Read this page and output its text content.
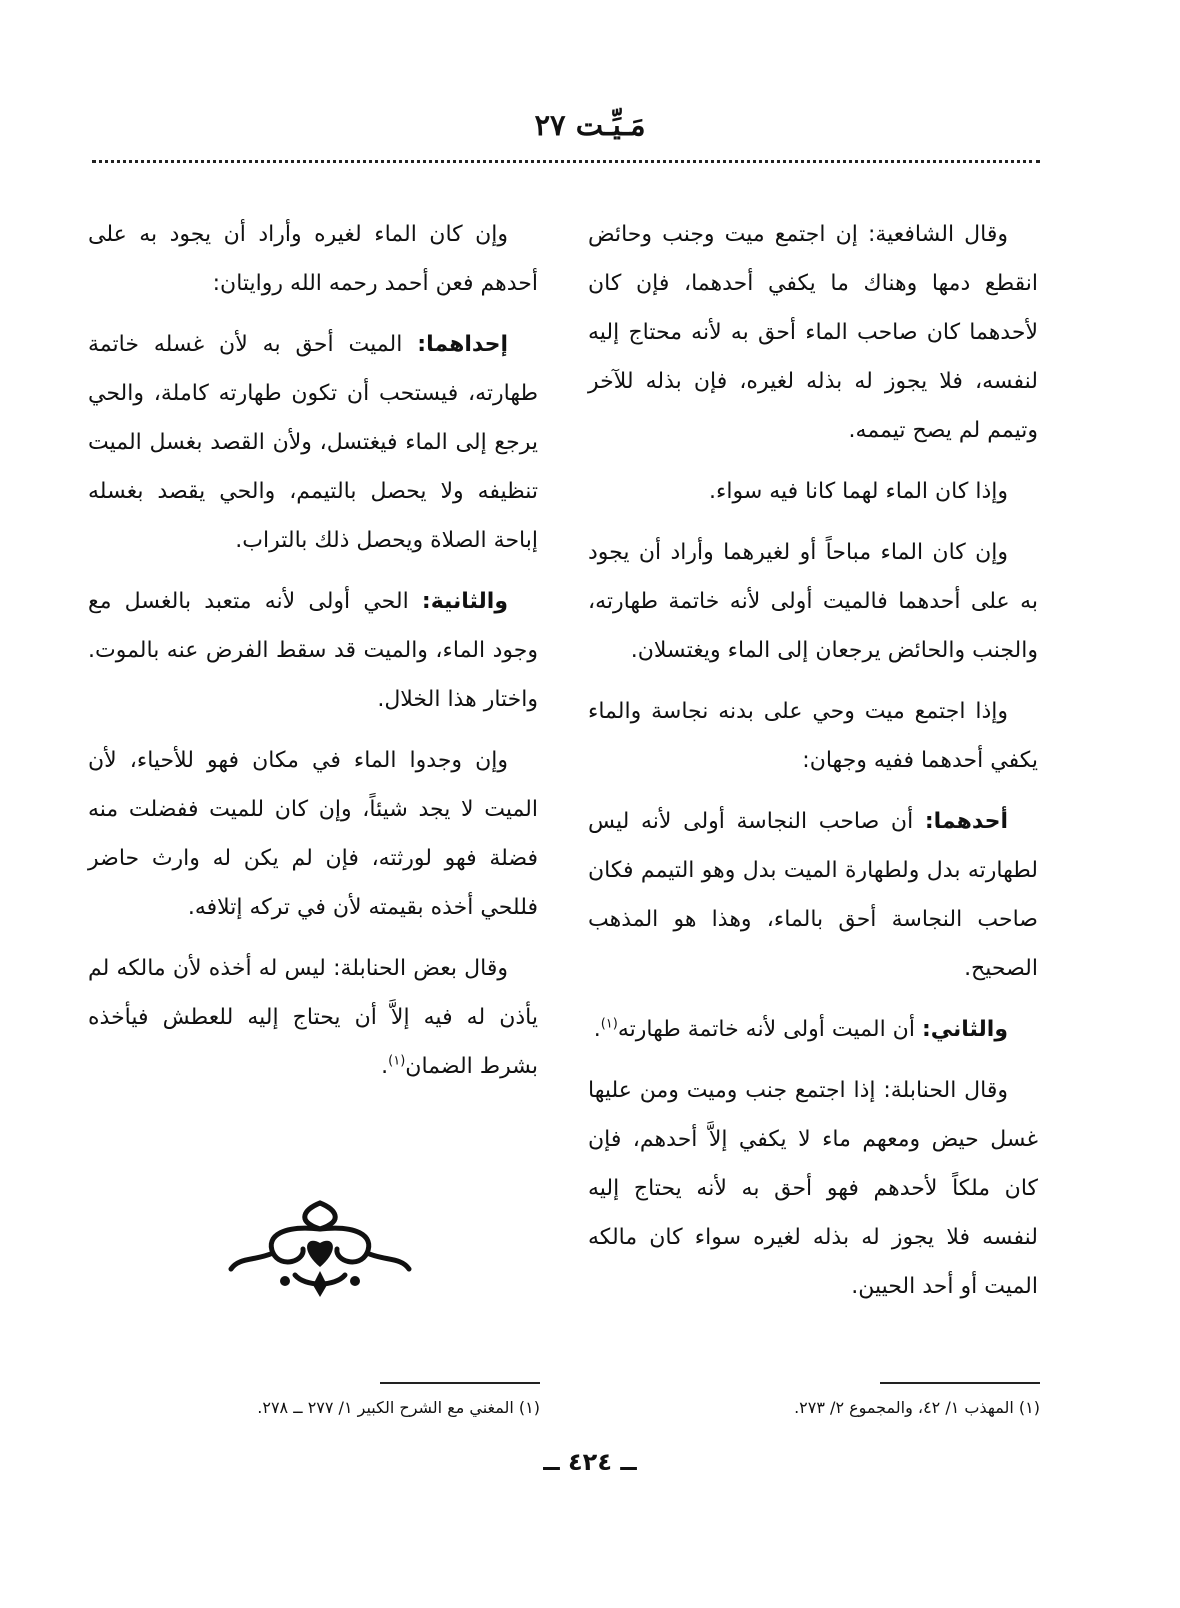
مَـيِّـت ٢٧

وقال الشافعية: إن اجتمع ميت وجنب وحائض انقطع دمها وهناك ما يكفي أحدهما، فإن كان لأحدهما كان صاحب الماء أحق به لأنه محتاج إليه لنفسه، فلا يجوز له بذله لغيره، فإن بذله للآخر وتيمم لم يصح تيممه.

وإذا كان الماء لهما كانا فيه سواء.

وإن كان الماء مباحاً أو لغيرهما وأراد أن يجود به على أحدهما فالميت أولى لأنه خاتمة طهارته، والجنب والحائض يرجعان إلى الماء ويغتسلان.

وإذا اجتمع ميت وحي على بدنه نجاسة والماء يكفي أحدهما ففيه وجهان:

أحدهما: أن صاحب النجاسة أولى لأنه ليس لطهارته بدل ولطهارة الميت بدل وهو التيمم فكان صاحب النجاسة أحق بالماء، وهذا هو المذهب الصحيح.

والثاني: أن الميت أولى لأنه خاتمة طهارته$^{(١)}$.

وقال الحنابلة: إذا اجتمع جنب وميت ومن عليها غسل حيض ومعهم ماء لا يكفي إلاَّ أحدهم، فإن كان ملكاً لأحدهم فهو أحق به لأنه يحتاج إليه لنفسه فلا يجوز له بذله لغيره سواء كان مالكه الميت أو أحد الحيين.

وإن كان الماء لغيره وأراد أن يجود به على أحدهم فعن أحمد رحمه الله روايتان:

إحداهما: الميت أحق به لأن غسله خاتمة طهارته، فيستحب أن تكون طهارته كاملة، والحي يرجع إلى الماء فيغتسل، ولأن القصد بغسل الميت تنظيفه ولا يحصل بالتيمم، والحي يقصد بغسله إباحة الصلاة ويحصل ذلك بالتراب.

والثانية: الحي أولى لأنه متعبد بالغسل مع وجود الماء، والميت قد سقط الفرض عنه بالموت. واختار هذا الخلال.

وإن وجدوا الماء في مكان فهو للأحياء، لأن الميت لا يجد شيئاً، وإن كان للميت ففضلت منه فضلة فهو لورثته، فإن لم يكن له وارث حاضر فللحي أخذه بقيمته لأن في تركه إتلافه.

وقال بعض الحنابلة: ليس له أخذه لأن مالكه لم يأذن له فيه إلاَّ أن يحتاج إليه للعطش فيأخذه بشرط الضمان$^{(١)}$.

(١) المهذب ١/ ٤٢، والمجموع ٢/ ٢٧٣.
(١) المغني مع الشرح الكبير ١/ ٢٧٧ ــ ٢٧٨.
ــ ٤٢٤ ــ
